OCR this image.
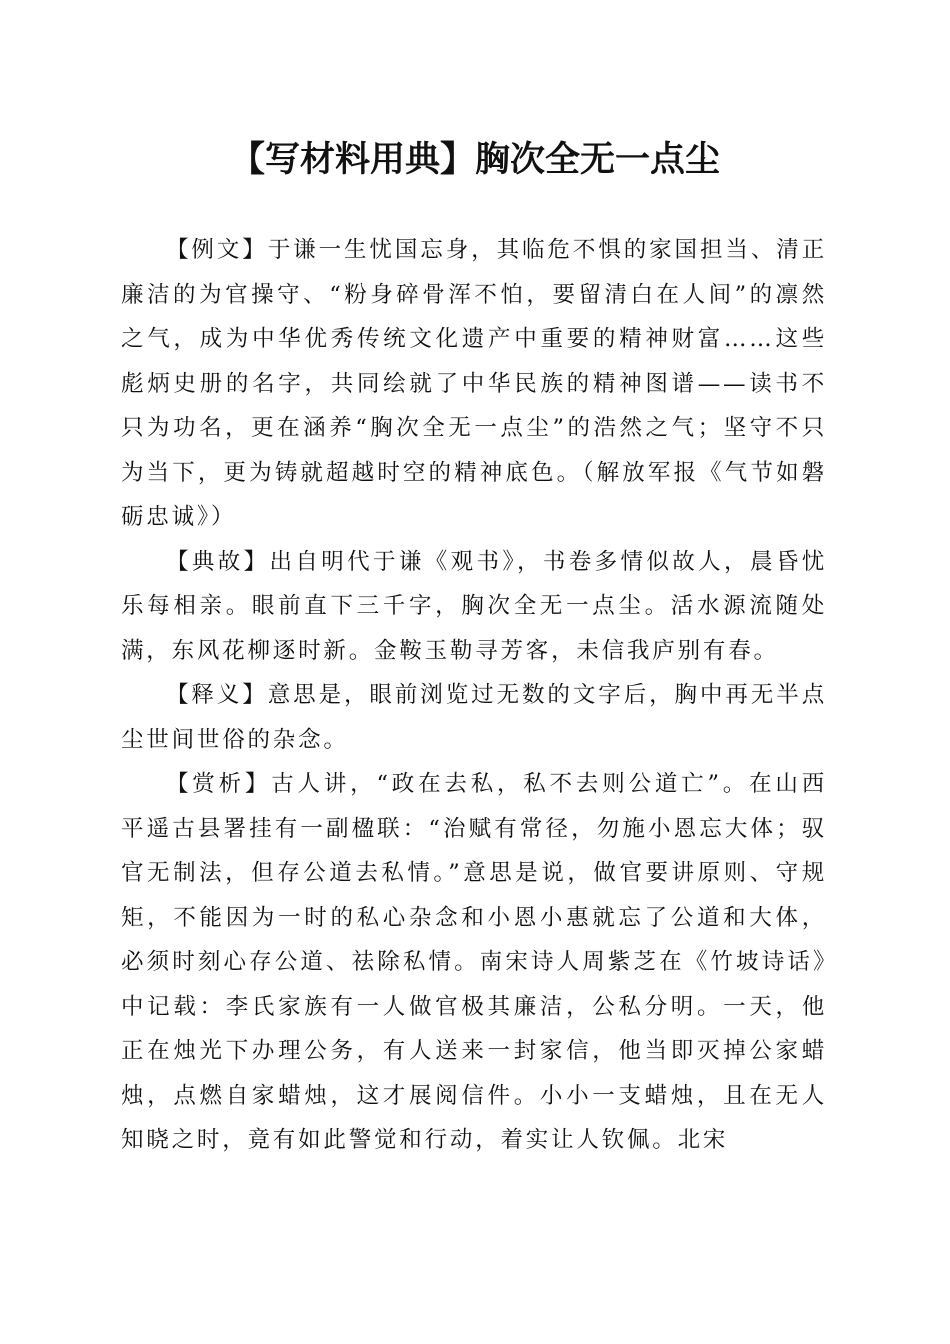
【写材料用典】胸次全无一点尘

【例文】于谦一生忧国忘身，其临危不惧的家国担当、清正廉洁的为官操守、“粉身碎骨浑不怕，要留清白在人间”的凛然之气，成为中华优秀传统文化遗产中重要的精神财富……这些彪炳史册的名字，共同绘就了中华民族的精神图谱——读书不只为功名，更在涵养“胸次全无一点尘”的浩然之气；坚守不只为当下，更为铸就超越时空的精神底色。（解放军报《气节如磐砺忠诚》）

【典故】出自明代于谦《观书》，书卷多情似故人，晨昏忧乐每相亲。眼前直下三千字，胸次全无一点尘。活水源流随处满，东风花柳逐时新。金鞍玉勒寻芳客，未信我庐别有春。

【释义】意思是，眼前浏览过无数的文字后，胸中再无半点尘世间世俗的杂念。

【赏析】古人讲，“政在去私，私不去则公道亡”。在山西平遥古县署挂有一副楹联：“治赋有常径，勿施小恩忘大体；驭官无制法，但存公道去私情。”意思是说，做官要讲原则、守规矩，不能因为一时的私心杂念和小恩小惠就忘了公道和大体，必须时刻心存公道、祛除私情。南宋诗人周紫芝在《竹坡诗话》中记载：李氏家族有一人做官极其廉洁，公私分明。一天，他正在烛光下办理公务，有人送来一封家信，他当即灭掉公家蜡烛，点燃自家蜡烛，这才展阅信件。小小一支蜡烛，且在无人知晓之时，竟有如此警觉和行动，着实让人钦佩。北宋
